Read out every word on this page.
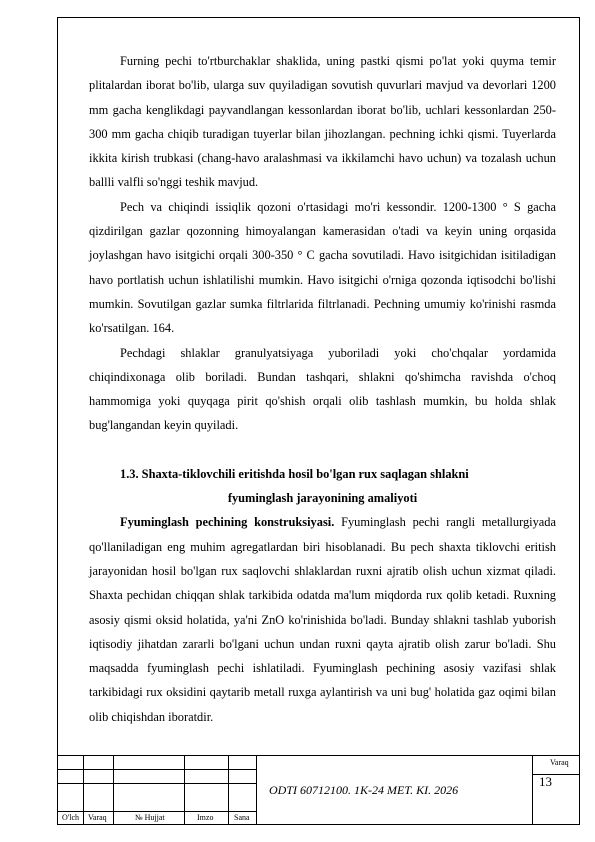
Furning pechi to'rtburchaklar shaklida, uning pastki qismi po'lat yoki quyma temir plitalardan iborat bo'lib, ularga suv quyiladigan sovutish quvurlari mavjud va devorlari 1200 mm gacha kenglikdagi payvandlangan kessonlardan iborat bo'lib, uchlari kessonlardan 250-300 mm gacha chiqib turadigan tuyerlar bilan jihozlangan. pechning ichki qismi. Tuyerlarda ikkita kirish trubkasi (chang-havo aralashmasi va ikkilamchi havo uchun) va tozalash uchun ballli valfli so'nggi teshik mavjud.

Pech va chiqindi issiqlik qozoni o'rtasidagi mo'ri kessondir. 1200-1300 ° S gacha qizdirilgan gazlar qozonning himoyalangan kamerasidan o'tadi va keyin uning orqasida joylashgan havo isitgichi orqali 300-350 ° C gacha sovutiladi. Havo isitgichidan isitiladigan havo portlatish uchun ishlatilishi mumkin. Havo isitgichi o'rniga qozonda iqtisodchi bo'lishi mumkin. Sovutilgan gazlar sumka filtrlarida filtrlanadi. Pechning umumiy ko'rinishi rasmda ko'rsatilgan. 164.

Pechdagi shlaklar granulyatsiyaga yuboriladi yoki cho'chqalar yordamida chiqindixonaga olib boriladi. Bundan tashqari, shlakni qo'shimcha ravishda o'choq hammomiga yoki quyqaga pirit qo'shish orqali olib tashlash mumkin, bu holda shlak bug'langandan keyin quyiladi.

1.3. Shaxta-tiklovchili eritishda hosil bo'lgan rux saqlagan shlakni

fyuminglash jarayonining amaliyoti

Fyuminglash pechining konstruksiyasi. Fyuminglash pechi rangli metallurgiyada qo'llaniladigan eng muhim agregatlardan biri hisoblanadi. Bu pech shaxta tiklovchi eritish jarayonidan hosil bo'lgan rux saqlovchi shlaklardan ruxni ajratib olish uchun xizmat qiladi. Shaxta pechidan chiqqan shlak tarkibida odatda ma'lum miqdorda rux qolib ketadi. Ruxning asosiy qismi oksid holatida, ya'ni ZnO ko'rinishida bo'ladi. Bunday shlakni tashlab yuborish iqtisodiy jihatdan zararli bo'lgani uchun undan ruxni qayta ajratib olish zarur bo'ladi. Shu maqsadda fyuminglash pechi ishlatiladi. Fyuminglash pechining asosiy vazifasi shlak tarkibidagi rux oksidini qaytarib metall ruxga aylantirish va uni bug' holatida gaz oqimi bilan olib chiqishdan iboratdir.

ODTI 60712100. 1K-24 MET. KI. 2026
Varaq
13
O'lch Varaq	№ Hujjat	Imzo	Sana
